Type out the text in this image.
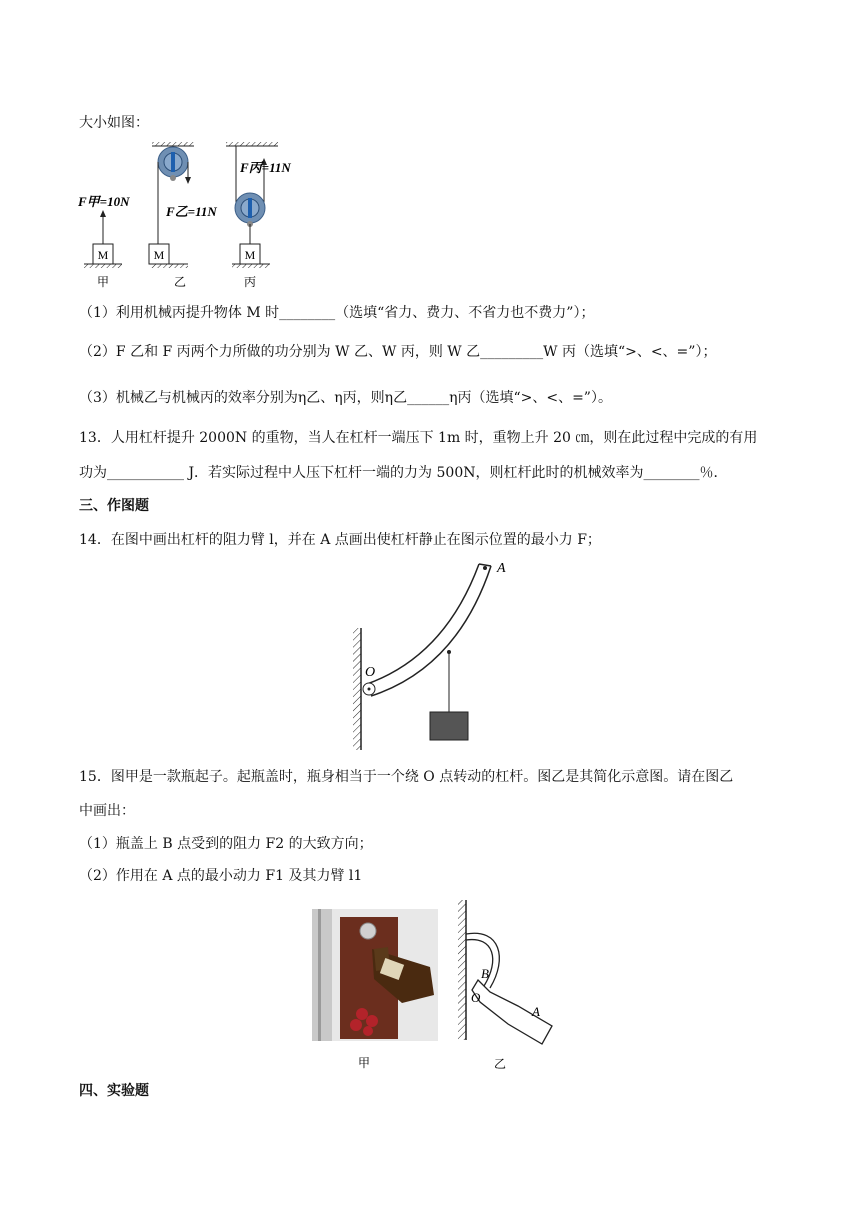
大小如图：
M
F甲=10N
甲
M
F乙=11N
乙
M
F丙=11N
丙
（1）利用机械丙提升物体 M 时________（选填“省力、费力、不省力也不费力”）；
（2）F 乙和 F 丙两个力所做的功分别为 W 乙、W 丙，则 W 乙_________W 丙（选填“>、<、=”）；
（3）机械乙与机械丙的效率分别为η乙、η丙，则η乙______η丙（选填“>、<、=”）。
13．人用杠杆提升 2000N 的重物，当人在杠杆一端压下 1m 时，重物上升 20 ㎝，则在此过程中完成的有用
功为___________ J．若实际过程中人压下杠杆一端的力为 500N，则杠杆此时的机械效率为________％．
三、作图题
14．在图中画出杠杆的阻力臂 l，并在 A 点画出使杠杆静止在图示位置的最小力 F；
A
O
15．图甲是一款瓶起子。起瓶盖时，瓶身相当于一个绕 O 点转动的杠杆。图乙是其简化示意图。请在图乙
中画出：
（1）瓶盖上 B 点受到的阻力 F2 的大致方向；
（2）作用在 A 点的最小动力 F1 及其力臂 l1
甲
B
O
A
乙
四、实验题
